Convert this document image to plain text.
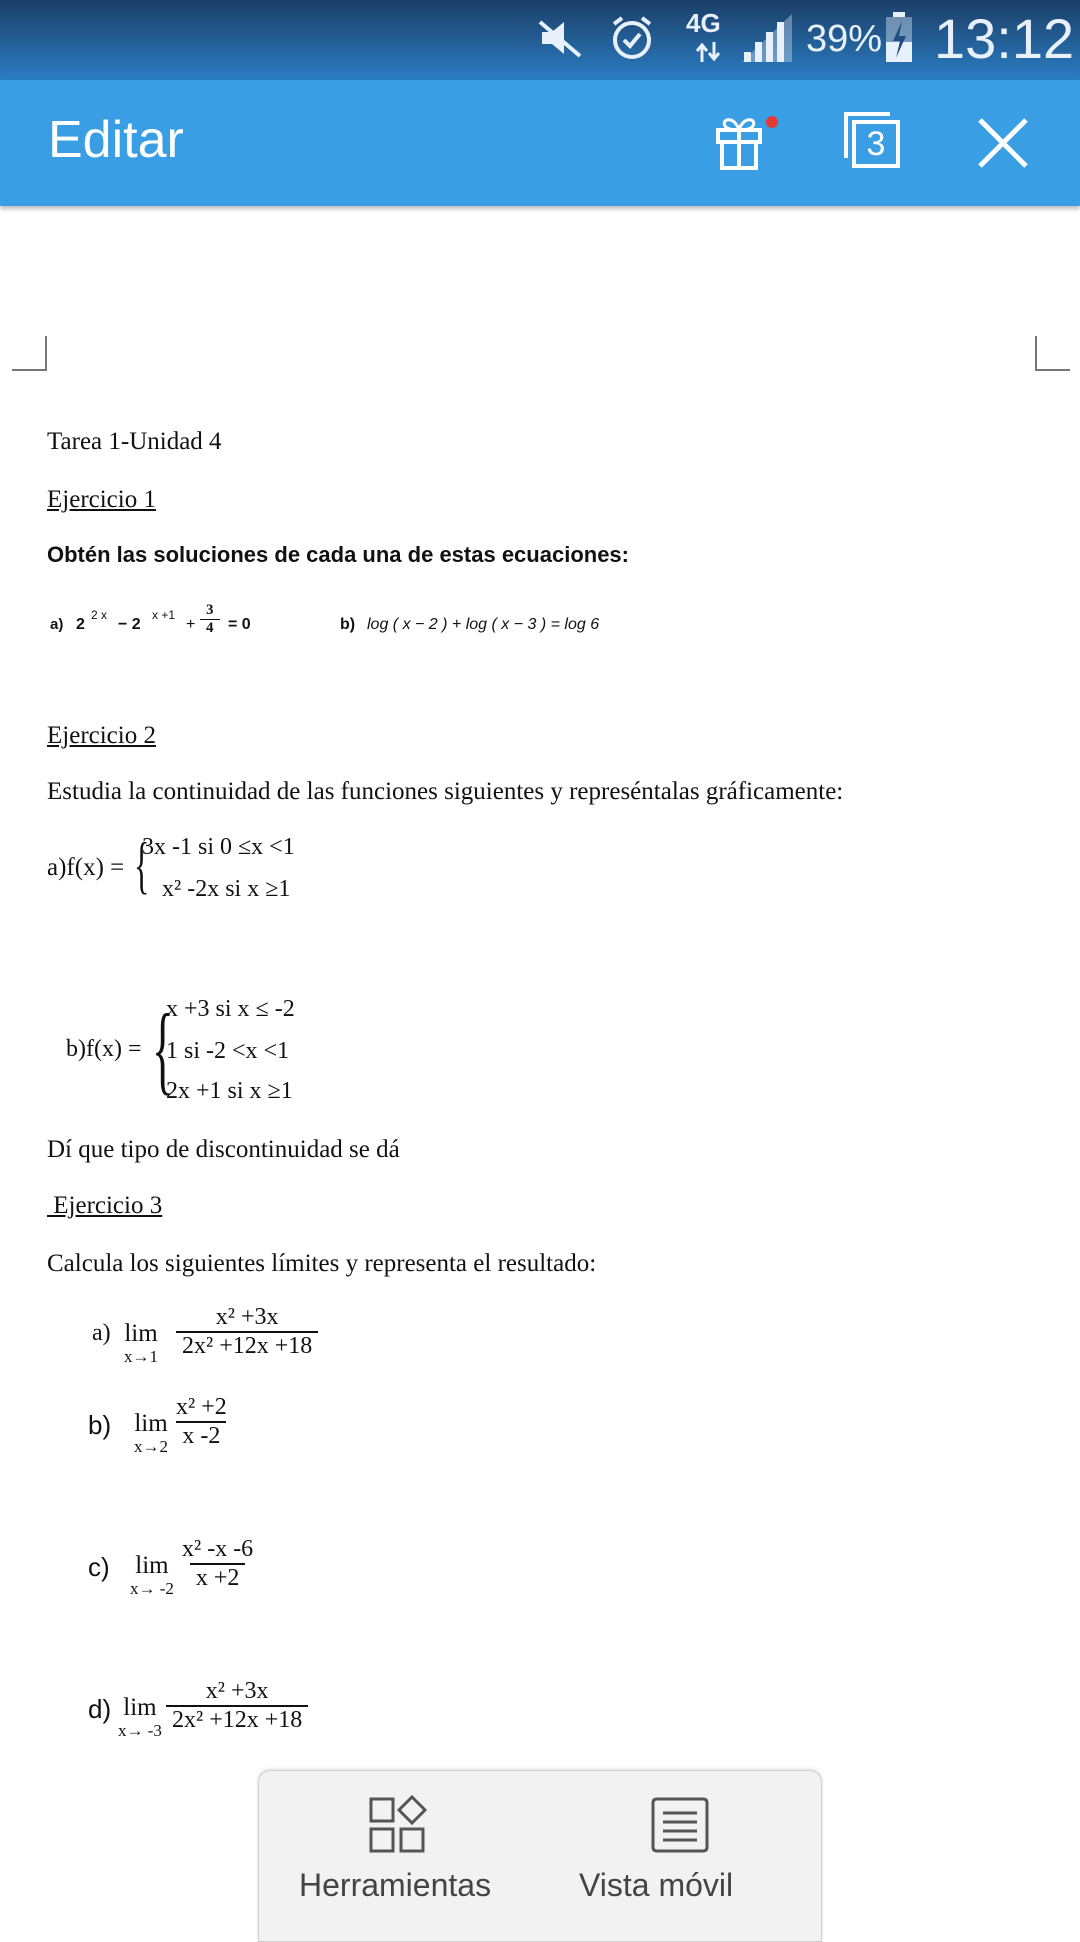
4G 39% 13:12
Editar	3
Tarea 1-Unidad 4
Ejercicio 1
Obtén las soluciones de cada una de estas ecuaciones:
a) 2
2 x
− 2
x +1
+ $\frac{3}{4} = 0$	b) log ( x − 2 ) + log ( x − 3 ) = log 6
Ejercicio 2
Estudia la continuidad de las funciones siguientes y represéntalas gráficamente:
a)f(x) = {
3x -1 si 0 ≤x <1
x² -2x si x ≥1
b)f(x) = {
x +3 si x ≤ -2
1 si -2 <x <1
2x +1 si x ≥1
Dí que tipo de discontinuidad se dá
Ejercicio 3
Calcula los siguientes límites y representa el resultado:
a) lim
$x\to 1 \frac{\text{x² +3x}}{\text{2x² +12x +18}}$
b) lim
$x\to 2 \frac{\text{x² +2}}{x -2}$
c) lim
$x\to -2 \frac{\text{x² -x -6}}{x +2}$
d) lim
$x\to -3 \frac{\text{x² +3x}}{\text{2x² +12x +18}}$
Herramientas	Vista móvil
